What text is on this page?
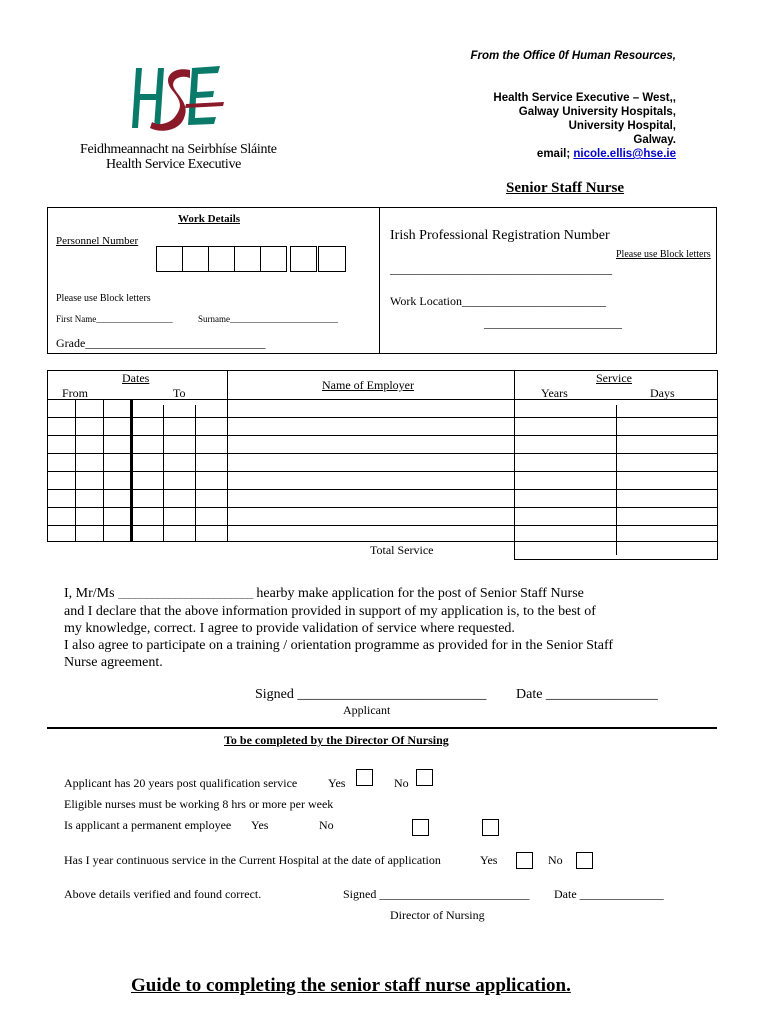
From the Office 0f Human Resources,
Health Service Executive – West,,
Galway University Hospitals,
University Hospital,
Galway.
email; nicole.ellis@hse.ie
Feidhmeannacht na Seirbhíse Sláinte
Health Service Executive
Senior Staff Nurse
Work Details
Personnel Number
Please use Block letters
First Name_________________	Surname________________________
Grade______________________________
Irish Professional Registration Number
Please use Block letters
_____________________________________
Work Location________________________
_______________________
Dates
From	To
Name of Employer	Service
Years	Days
Total Service
I, Mr/Ms ________________________ hearby make application for the post of Senior Staff Nurse
and I declare that the above information provided in support of my application is, to the best of
my knowledge, correct. I agree to provide validation of service where requested.
I also agree to participate on a training / orientation programme as provided for in the Senior Staff
Nurse agreement.
Signed ___________________________ Date ________________
Applicant
To be completed by the Director Of Nursing
Applicant has 20 years post qualification service	Yes	No
Eligible nurses must be working 8 hrs or more per week
Is applicant a permanent employee Yes	No
Has I year continuous service in the Current Hospital at the date of application	Yes	No
Above details verified and found correct.	Signed _________________________ Date ______________
Director of Nursing
Guide to completing the senior staff nurse application.
